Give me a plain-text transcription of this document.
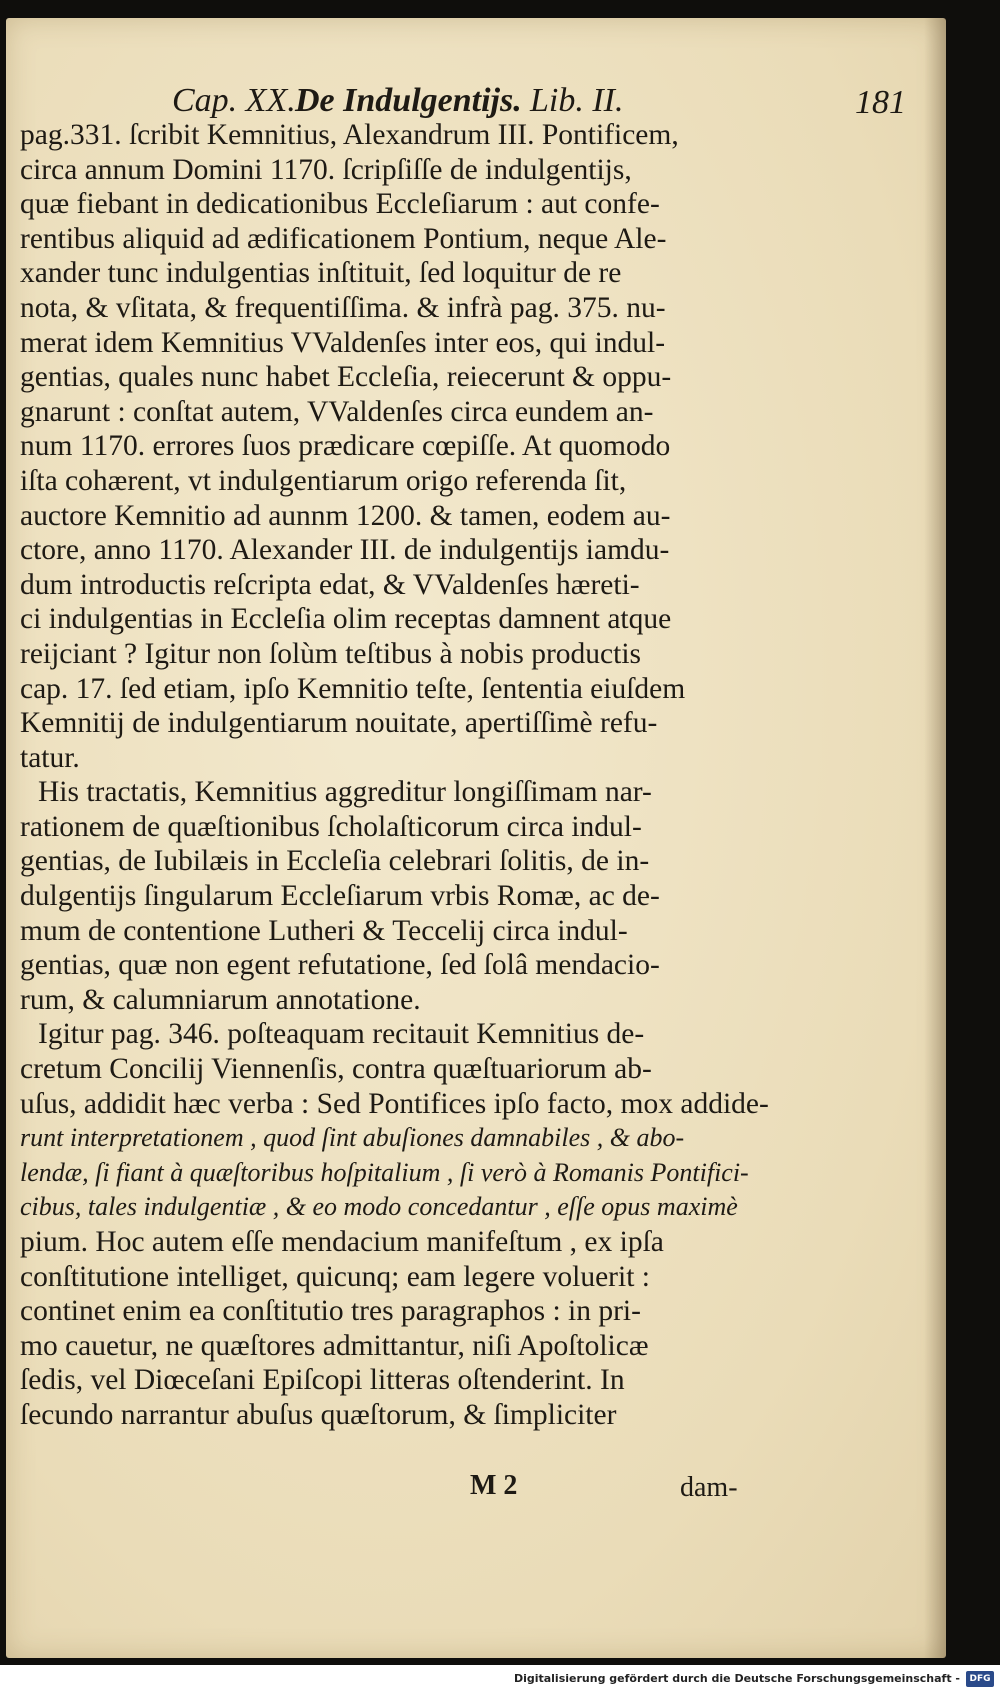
Cap. XX. De Indulgentijs. Lib. II.	181
pag.331. ſcribit Kemnitius, Alexandrum III. Pontificem,
circa annum Domini 1170. ſcripſiſſe de indulgentijs,
quæ fiebant in dedicationibus Eccleſiarum : aut confe-
rentibus aliquid ad ædificationem Pontium, neque Ale-
xander tunc indulgentias inſtituit, ſed loquitur de re
nota, & vſitata, & frequentiſſima. & infrà pag. 375. nu-
merat idem Kemnitius VValdenſes inter eos, qui indul-
gentias, quales nunc habet Eccleſia, reiecerunt & oppu-
gnarunt : conſtat autem, VValdenſes circa eundem an-
num 1170. errores ſuos prædicare cœpiſſe. At quomodo
iſta cohærent, vt indulgentiarum origo referenda ſit,
auctore Kemnitio ad aunnm 1200. & tamen, eodem au-
ctore, anno 1170. Alexander III. de indulgentijs iamdu-
dum introductis reſcripta edat, & VValdenſes hæreti-
ci indulgentias in Eccleſia olim receptas damnent atque
reijciant ? Igitur non ſolùm teſtibus à nobis productis
cap. 17. ſed etiam, ipſo Kemnitio teſte, ſententia eiuſdem
Kemnitij de indulgentiarum nouitate, apertiſſimè refu-
tatur.
His tractatis, Kemnitius aggreditur longiſſimam nar-
rationem de quæſtionibus ſcholaſticorum circa indul-
gentias, de Iubilæis in Eccleſia celebrari ſolitis, de in-
dulgentijs ſingularum Eccleſiarum vrbis Romæ, ac de-
mum de contentione Lutheri & Teccelij circa indul-
gentias, quæ non egent refutatione, ſed ſolâ mendacio-
rum, & calumniarum annotatione.
Igitur pag. 346. poſteaquam recitauit Kemnitius de-
cretum Concilij Viennenſis, contra quæſtuariorum ab-
uſus, addidit hæc verba : Sed Pontifices ipſo facto, mox addide-
runt interpretationem , quod ſint abuſiones damnabiles , & abo-
lendæ, ſi fiant à quæſtoribus hoſpitalium , ſi verò à Romanis Pontifici-
cibus, tales indulgentiæ , & eo modo concedantur , eſſe opus maximè
pium. Hoc autem eſſe mendacium manifeſtum , ex ipſa
conſtitutione intelliget, quicunq; eam legere voluerit :
continet enim ea conſtitutio tres paragraphos : in pri-
mo cauetur, ne quæſtores admittantur, niſi Apoſtolicæ
ſedis, vel Diœceſani Epiſcopi litteras oſtenderint. In
ſecundo narrantur abuſus quæſtorum, & ſimpliciter
M 2	dam-
Digitalisierung gefördert durch die Deutsche Forschungsgemeinschaft -	DFG
